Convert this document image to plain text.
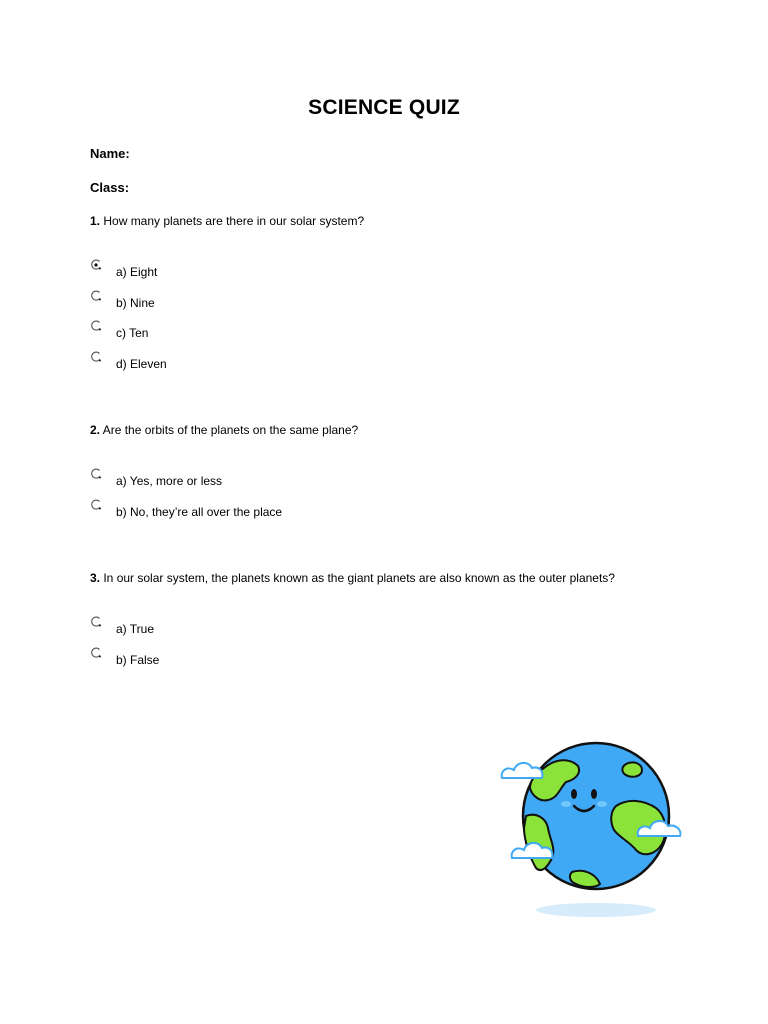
SCIENCE QUIZ
Name:
Class:
1. How many planets are there in our solar system?
a) Eight
b) Nine
c) Ten
d) Eleven
2. Are the orbits of the planets on the same plane?
a) Yes, more or less
b) No, they’re all over the place
3. In our solar system, the planets known as the giant planets are also known as the outer planets?
a) True
b) False
